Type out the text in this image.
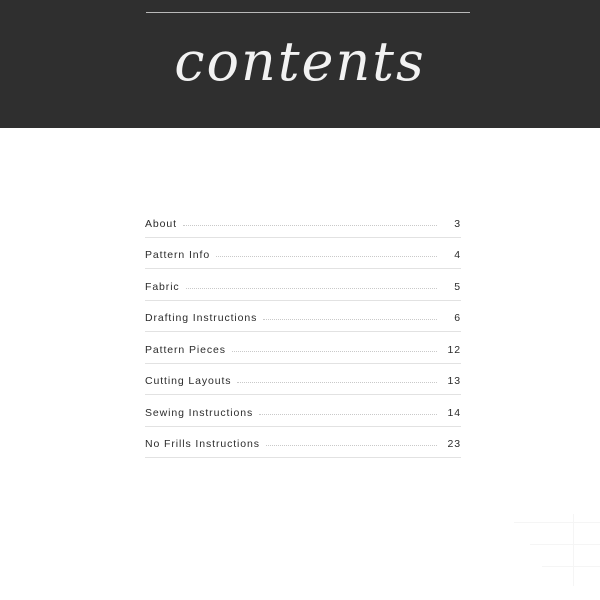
contents
About	3
Pattern Info	4
Fabric	5
Drafting Instructions	6
Pattern Pieces	12
Cutting Layouts	13
Sewing Instructions	14
No Frills Instructions	23
